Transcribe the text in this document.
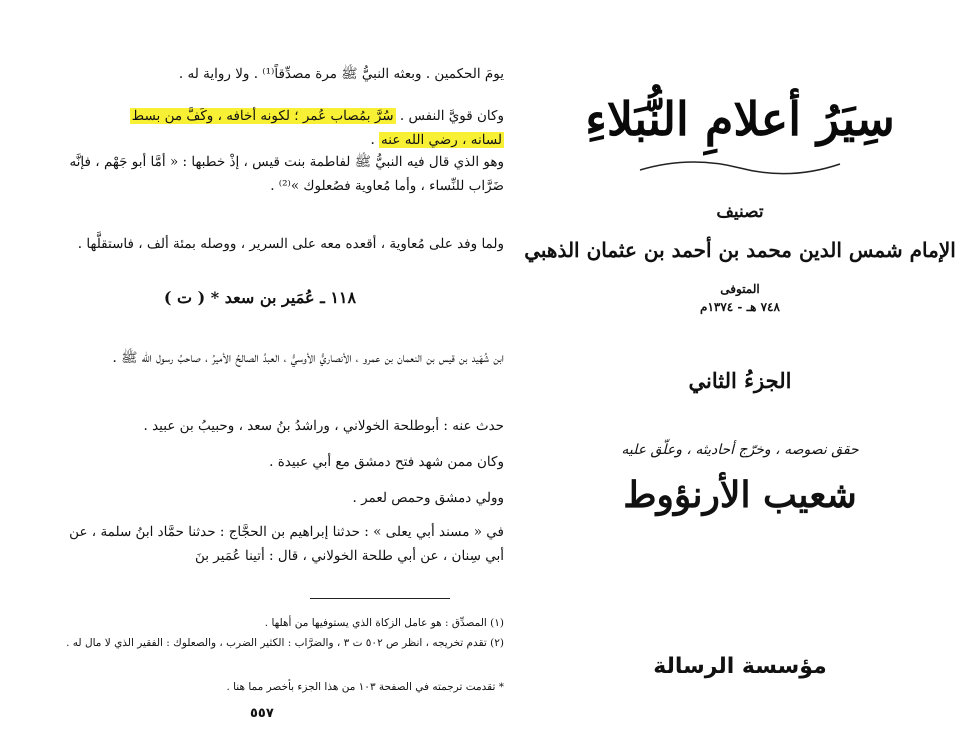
يومَ الحكمين . وبعثه النبيُّ ﷺ مرة مصدِّقاً⁽¹⁾ . ولا رواية له .
وكان قويَّ النفس . سُرَّ بمُصاب عُمر ؛ لكونه أخافه ، وكَفَّ من بسط
لسانه ، رضي الله عنه .
وهو الذي قال فيه النبيُّ ﷺ لفاطمة بنت قيس ، إذْ خطبها : « أمَّا أبو جَهْم ، فإنَّه ضَرَّاب للنِّساء ، وأما مُعاوية فصُعلوك »⁽²⁾ .
ولما وفد على مُعاوية ، أقعده معه على السرير ، ووصله بمئة ألف ، فاستقلَّها .
١١٨ ـ عُمَير بن سعد * ( ت )
ابن شُهَيد بن قيس بن النعمان بن عمرو ، الأنصاريُّ الأوسيُّ ، العبدُ الصالحُ الأميرُ ، صاحبُ رسول الله ﷺ .
حدث عنه : أبوطلحة الخولاني ، وراشدُ بنُ سعد ، وحبيبُ بن عبيد .
وكان ممن شهد فتح دمشق مع أبي عبيدة .
وولي دمشق وحمص لعمر .
في « مسند أبي يعلى » : حدثنا إبراهيم بن الحجَّاج : حدثنا حمَّاد ابنُ سلمة ، عن أبي سِنان ، عن أبي طلحة الخولاني ، قال : أتينا عُمَير بنَ
(١) المصدِّق : هو عامل الزكاة الذي يستوفيها من أهلها .
(٢) تقدم تخريجه ، انظر ص ٥٠٢ ت ٣ ، والضرَّاب : الكثير الضرب ، والصعلوك : الفقير الذي لا مال له .
* تقدمت ترجمته في الصفحة ١٠٣ من هذا الجزء بأخصر مما هنا .
٥٥٧
سِيَرُ أعلامِ النُّبَلاءِ
تصنيف
الإمام شمس الدين محمد بن أحمد بن عثمان الذهبي
المتوفى
٧٤٨ هـ - ١٣٧٤م
الجزءُ الثاني
حقق نصوصه ، وخرّج أحاديثه ، وعلّق عليه
شعيب الأرنؤوط
مؤسسة الرسالة
